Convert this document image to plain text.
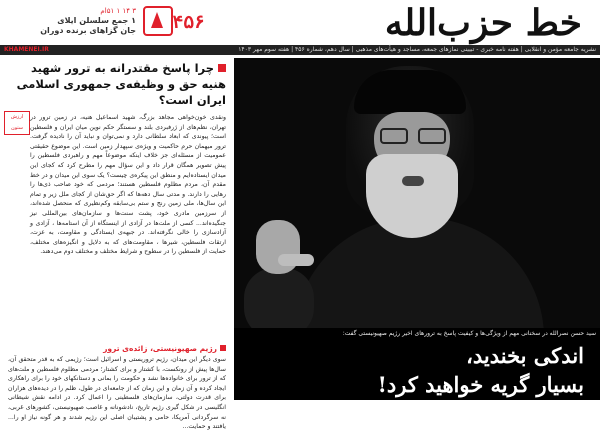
خط حزب‌الله
۴۵۶
۳ ۱۴ ۱ ۵۱ام
۱ جمع سلسلن ایلای
جان گزاهای برنده دوران
نشریه جامعه مؤمن و انقلابی | هفته نامه خبری - تبیینی نمازهای جمعه، مساجد و هیأت‌های مذهبی | سال دهم، شماره ۴۵۶ | هفته سوم مهر ۱۴۰۳
KHAMENEI.IR
چرا پاسخ مقتدرانه به ترور شهید هنیه حق و وظیفه‌ی جمهوری اسلامی ایران است؟
ارزش ستون
ونقدی خون‌خواهی مجاهد بزرگ، شهید اسماعیل هنیه، در زمین ترور در تهران، نظم‌های از ژرفبردی بلند و سستگر حکم نوین میان ایران و فلسطین است؛ پیوندی که ابعاد سلطانی دارد و نمی‌توان و نباید آن را نادیده گرفت. ترور میهمان حرم حاکمیت و ویژه‌ی سپهدار زمین است. این موضوع حقیقتی عمومیت از مسئله‌ای جز خلاف اینکه موضوعاً مهم و راهبردی فلسطین را پیش تصویر همگان قرار داد و این سؤال مهم را مطرح کرد که کجای این میدان ایستاده‌ایم و منطق این پیکره‌ی چیست؟ یک سوی این میدان و در خط مقدم آن، مردم مظلوم فلسطین هستند؛ مردمی که خود صاحب ذی‌ها را رهایی را دارند. و مدتی سال دهه‌ها که اگر حق‌شان از کجای ملل زیر و تمام این سال‌ها، ملی زمین رنج و ستم بی‌سابقه وکم‌نظیری که منحصل شده‌اند، از سرزمین مادری خود، پشت سنت‌ها و سازمان‌های بین‌المللی نیز جنگیده‌اند... کسی از ملت‌ها در آزادی از اینستگاه از آن استامه‌ها ، آزادی و آزادسازی را خالی نگرفته‌اند. در جبهه‌ی ایستادگی و مقاومت، به عزت، ارتقات فلسطین، شیرها ، مقاومت‌های که به دلایل و انگیزه‌های مختلف، حمایت از فلسطین را در سطوح و شرایط مختلف و مختلف دوم می‌دهند.
رژیم صهیونیستی، زائده‌ی ترور
سوی دیگر این میدان، رژیم تروریستی و اسرائیل است؛ رژیمی که به قدر متحقق آن، سال‌ها پیش از رونکست، با کشتار و برای کشتار؛ مردمی مظلوم فلسطین و ملت‌های که از ترور برای خانواده‌ها نشد و حکومت را بمانی و دستانکهای خود را برای راهکاری ایجاد کرده و آن زمان و این زمان که از جامعه‌ای در طول، ظلم را در دیده‌های هزاران برای قدرت دولتی، سازمان‌های فلسطینی را اعمال کرد. در ادامه نقش شیطانی انگلیسی در شکل گیری رژیم تاریخ، نادشونانه و غاصب صهیونیستی، کشورهای غربی، نه سرگردانی آمریکا، حامی و پشتیبان اصلی این رژیم شدند و هر گونه نیاز او را... یافتند و حمایت...
سید حسن نصرالله در سخنانی مهم از ویژگی‌ها و کیفیت پاسخ به ترورهای اخیر رژیم صهیونیستی گفت:
اندکی بخندید،
بسیار گریه خواهید کرد!
